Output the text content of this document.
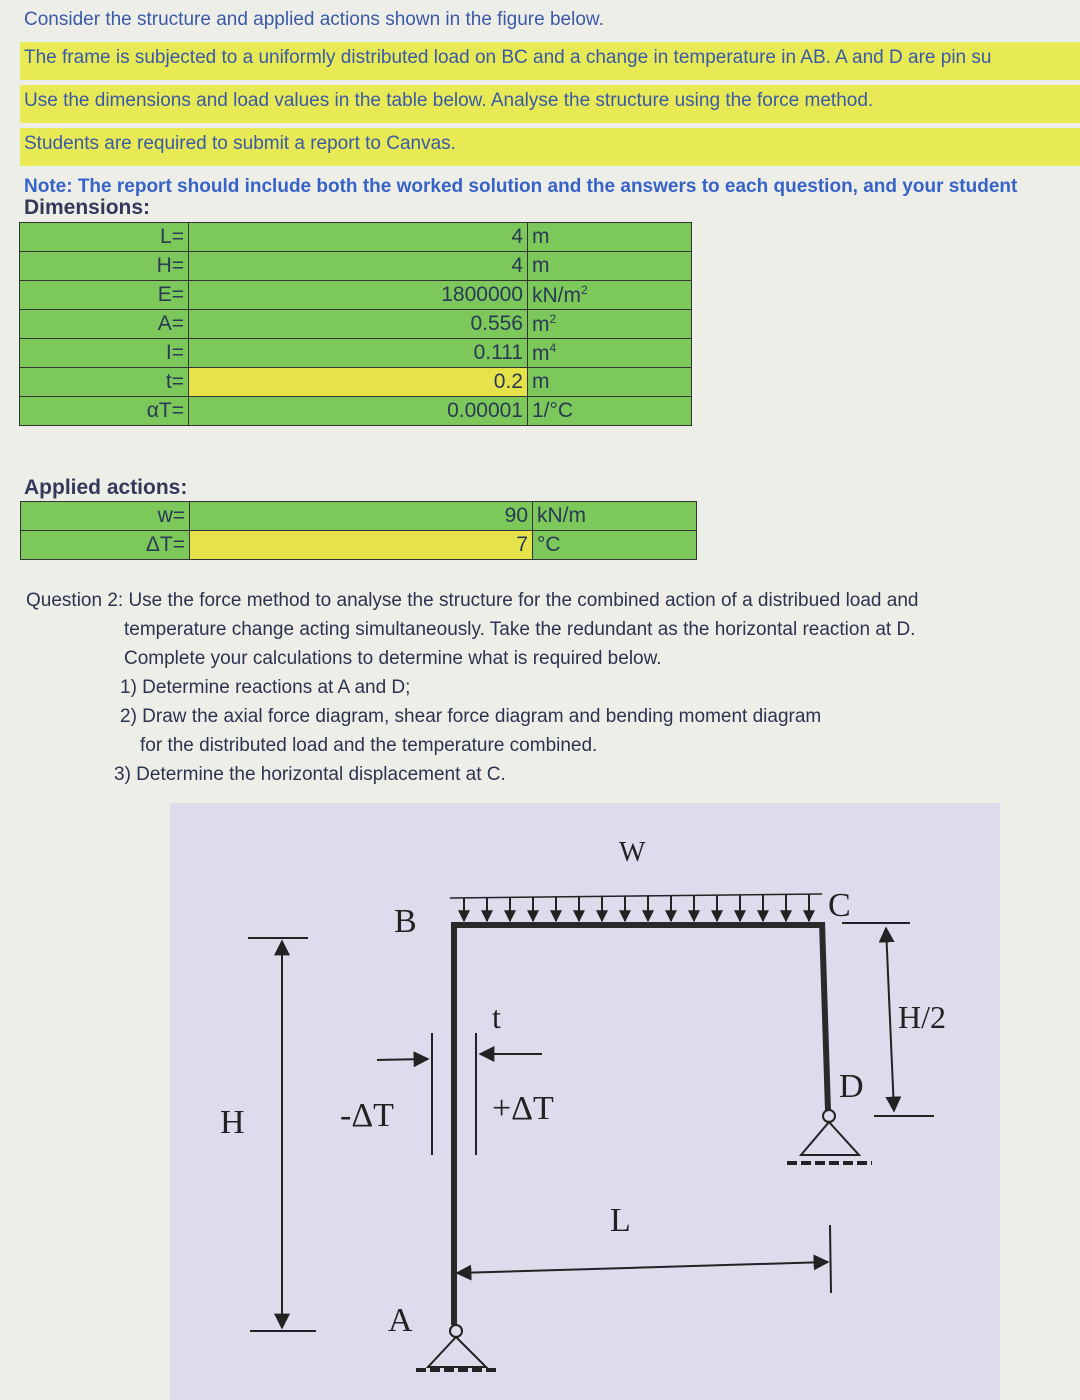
Consider the structure and applied actions shown in the figure below.
The frame is subjected to a uniformly distributed load on BC and a change in temperature in AB. A and D are pin su Use the dimensions and load values in the table below. Analyse the structure using the force method. Students are required to submit a report to Canvas.
Note: The report should include both the worked solution and the answers to each question, and your student
Dimensions:
L=	4	m
H=	4	m
E=	1800000	$kN/m^2$
A=	0.556	$m^2$
I=	0.111	$m^4$
t=	0.2	m
αT=	0.00001	1/°C
Applied actions:
w=	90	kN/m
ΔT=	7	°C
Question 2: Use the force method to analyse the structure for the combined action of a distribued load and
temperature change acting simultaneously. Take the redundant as the horizontal reaction at D.
Complete your calculations to determine what is required below.
1) Determine reactions at A and D;
2) Draw the axial force diagram, shear force diagram and bending moment diagram
for the distributed load and the temperature combined.
3) Determine the horizontal displacement at C.
W
B	C
t	H/2
D
H	-ΔT	+ΔT
L
A
